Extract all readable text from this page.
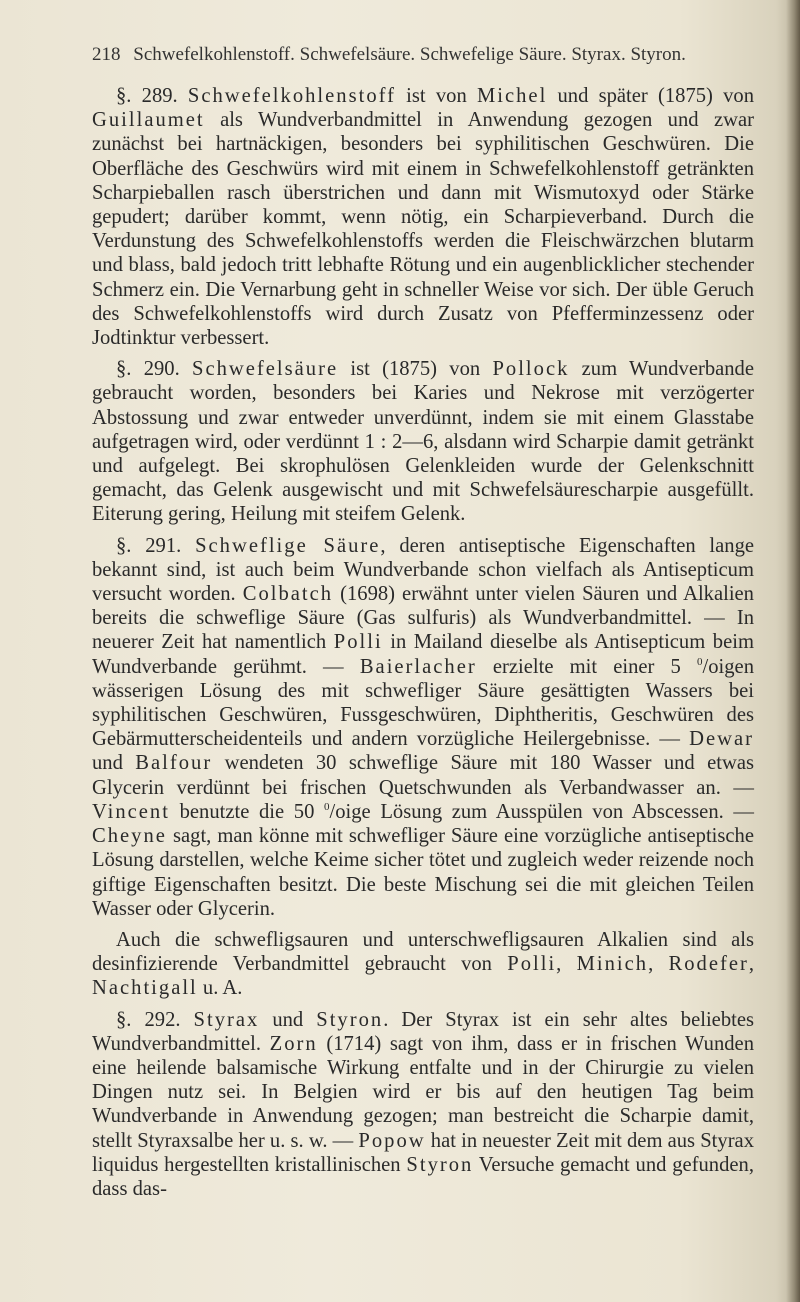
218 Schwefelkohlenstoff. Schwefelsäure. Schwefelige Säure. Styrax. Styron.

§. 289. Schwefelkohlenstoff ist von Michel und später (1875) von Guillaumet als Wundverbandmittel in Anwendung gezogen und zwar zunächst bei hartnäckigen, besonders bei syphilitischen Geschwüren. Die Oberfläche des Geschwürs wird mit einem in Schwefelkohlenstoff getränkten Scharpieballen rasch überstrichen und dann mit Wismutoxyd oder Stärke gepudert; darüber kommt, wenn nötig, ein Scharpieverband. Durch die Verdunstung des Schwefelkohlenstoffs werden die Fleischwärzchen blutarm und blass, bald jedoch tritt lebhafte Rötung und ein augenblicklicher stechender Schmerz ein. Die Vernarbung geht in schneller Weise vor sich. Der üble Geruch des Schwefelkohlenstoffs wird durch Zusatz von Pfefferminzessenz oder Jodtinktur verbessert.

§. 290. Schwefelsäure ist (1875) von Pollock zum Wundverbande gebraucht worden, besonders bei Karies und Nekrose mit verzögerter Abstossung und zwar entweder unverdünnt, indem sie mit einem Glasstabe aufgetragen wird, oder verdünnt 1 : 2—6, alsdann wird Scharpie damit getränkt und aufgelegt. Bei skrophulösen Gelenkleiden wurde der Gelenkschnitt gemacht, das Gelenk ausgewischt und mit Schwefelsäurescharpie ausgefüllt. Eiterung gering, Heilung mit steifem Gelenk.

§. 291. Schweflige Säure, deren antiseptische Eigenschaften lange bekannt sind, ist auch beim Wundverbande schon vielfach als Antisepticum versucht worden. Colbatch (1698) erwähnt unter vielen Säuren und Alkalien bereits die schweflige Säure (Gas sulfuris) als Wundverbandmittel. — In neuerer Zeit hat namentlich Polli in Mailand dieselbe als Antisepticum beim Wundverbande gerühmt. — Baierlacher erzielte mit einer 5 $^0$/oigen wässerigen Lösung des mit schwefliger Säure gesättigten Wassers bei syphilitischen Geschwüren, Fussgeschwüren, Diphtheritis, Geschwüren des Gebärmutterscheidenteils und andern vorzügliche Heilergebnisse. — Dewar und Balfour wendeten 30 schweflige Säure mit 180 Wasser und etwas Glycerin verdünnt bei frischen Quetschwunden als Verbandwasser an. — Vincent benutzte die 50 $^0$/oige Lösung zum Ausspülen von Abscessen. — Cheyne sagt, man könne mit schwefliger Säure eine vorzügliche antiseptische Lösung darstellen, welche Keime sicher tötet und zugleich weder reizende noch giftige Eigenschaften besitzt. Die beste Mischung sei die mit gleichen Teilen Wasser oder Glycerin.

Auch die schwefligsauren und unterschwefligsauren Alkalien sind als desinfizierende Verbandmittel gebraucht von Polli, Minich, Rodefer, Nachtigall u. A.

§. 292. Styrax und Styron. Der Styrax ist ein sehr altes beliebtes Wundverbandmittel. Zorn (1714) sagt von ihm, dass er in frischen Wunden eine heilende balsamische Wirkung entfalte und in der Chirurgie zu vielen Dingen nutz sei. In Belgien wird er bis auf den heutigen Tag beim Wundverbande in Anwendung gezogen; man bestreicht die Scharpie damit, stellt Styraxsalbe her u. s. w. — Popow hat in neuester Zeit mit dem aus Styrax liquidus hergestellten kristallinischen Styron Versuche gemacht und gefunden, dass das-
